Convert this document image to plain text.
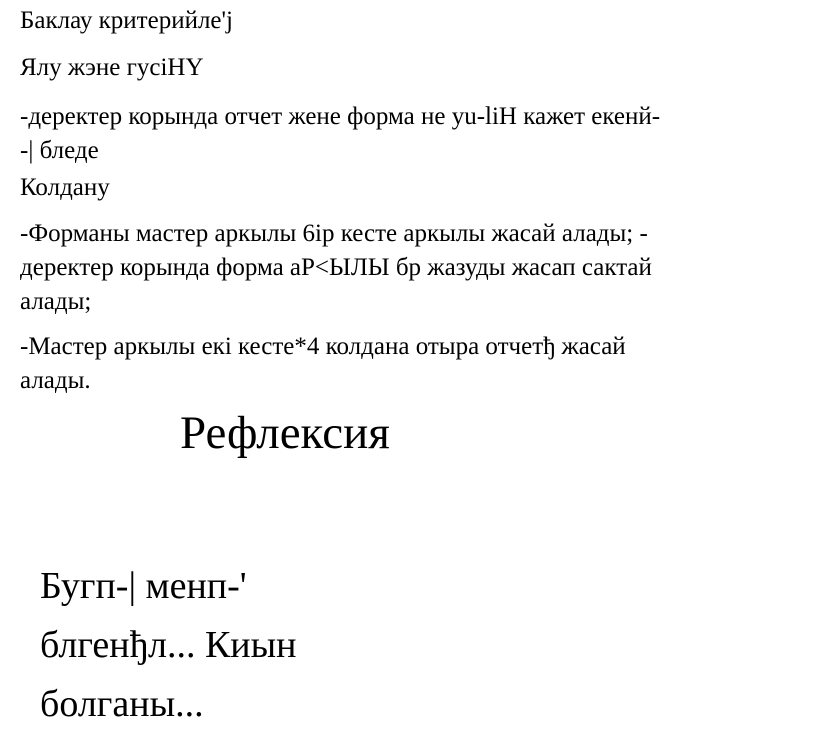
Баклау критерийле'j

Ялу жэне гусiНY

-деректер корында отчет жене форма не yu-liН кажет екенй-
-| бледе

Колдану

-Форманы мастер аркылы 6ір кесте аркылы жасай алады; -
деректер корында форма аР<ЫЛЫ бр жазуды жасап сактай
алады;
-Мастер аркылы eкi кесте*4 колдана отыра отчетђ жасай
алады.
Рефлексия
Бугп-| менп-'
блгенђл... Киын
болганы...
